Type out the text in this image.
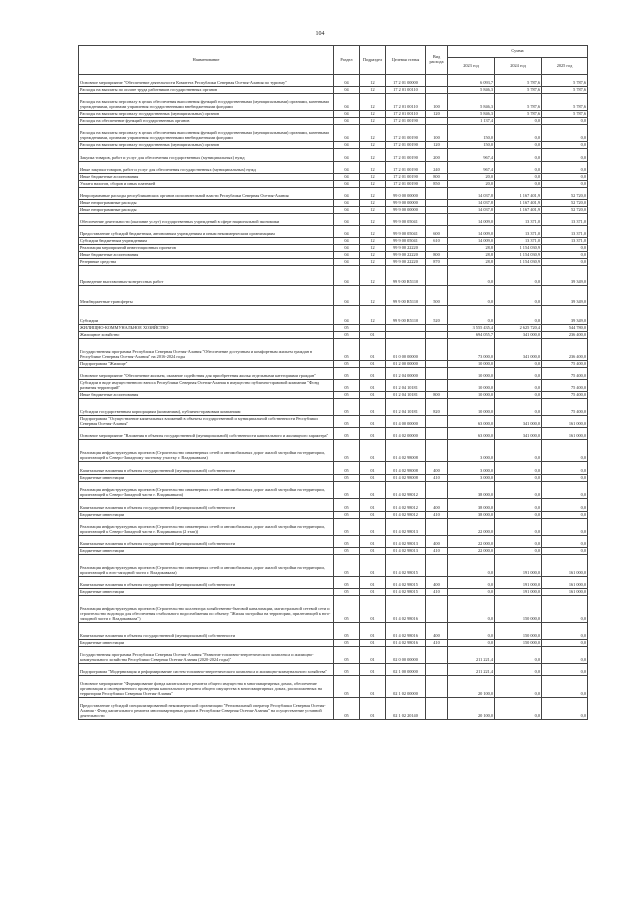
104
Наименование	Раздел	Подраздел	Целевая статья	Вид расхода	Сумма		
					2023 год	2024 год	2025 год
Основное мероприятие "Обеспечение деятельности Комитета Республики Северная Осетия-Алания по туризму"	04	12	17 2 01 00000		6 093,7	5 787,6	5 787,6
Расходы на выплаты по оплате труда работников государственных органов	04	12	17 2 01 00110		5 846,3	5 787,6	5 787,6
Расходы на выплаты персоналу в целях обеспечения выполнения функций государственными (муниципальными) органами, казенными учреждениями, органами управления государственными внебюджетными фондами	04	12	17 2 01 00110	100	5 846,3	5 787,6	5 787,6
Расходы на выплаты персоналу государственных (муниципальных) органов	04	12	17 2 01 00110	120	5 846,3	5 787,6	5 787,6
Расходы на обеспечение функций государственных органов	04	12	17 2 01 00190		1 137,4	0,0	0,0
Расходы на выплаты персоналу в целях обеспечения выполнения функций государственными (муниципальными) органами, казенными учреждениями, органами управления государственными внебюджетными фондами	04	12	17 2 01 00190	100	150,0	0,0	0,0
Расходы на выплаты персоналу государственных (муниципальных) органов	04	12	17 2 01 00190	120	150,0	0,0	0,0
Закупка товаров, работ и услуг для обеспечения государственных (муниципальных) нужд	04	12	17 2 01 00190	200	967,4	0,0	0,0
Иные закупки товаров, работ и услуг для обеспечения государственных (муниципальных) нужд	04	12	17 2 01 00190	240	967,4	0,0	0,0
Иные бюджетные ассигнования	04	12	17 2 01 00190	800	20,0	0,0	0,0
Уплата налогов, сборов и иных платежей	04	12	17 2 01 00190	850	20,0	0,0	0,0
Непрограммные расходы республиканских органов исполнительной власти Республики Северная Осетия-Алания	04	12	99 0 00 00000		14 037,8	1 167 401,9	52 720,0
Иные непрограммные расходы	04	12	99 9 00 00000		14 037,8	1 167 401,9	52 720,0
Иные непрограммные расходы	04	12	99 9 00 00000		14 037,8	1 167 401,9	52 720,0
Обеспечение деятельности (оказание услуг) государственных учреждений в сфере национальной экономики	04	12	99 9 00 05041		14 009,0	13 371,0	13 371,0
Предоставление субсидий бюджетным, автономным учреждениям и иным некоммерческим организациям	04	12	99 9 00 05041	600	14 009,0	13 371,0	13 371,0
Субсидии бюджетным учреждениям	04	12	99 9 00 05041	610	14 009,0	13 371,0	13 371,0
Реализация мероприятий инвестиционных проектов	04	12	99 9 00 22220		28,8	1 154 030,9	0,0
Иные бюджетные ассигнования	04	12	99 9 00 22220	800	28,8	1 154 030,9	0,0
Резервные средства	04	12	99 9 00 22220	870	28,8	1 154 030,9	0,0
Проведение выставочных-конгрессных работ	04	12	99 9 00 R5110		0,0	0,0	39 349,0
Межбюджетные трансферты	04	12	99 9 00 R5110	500	0,0	0,0	39 349,0
Субсидии	04	12	99 9 00 R5110	520	0,0	0,0	39 349,0
ЖИЛИЩНО-КОММУНАЛЬНОЕ ХОЗЯЙСТВО	05				3 555 435,4	2 625 720,4	544 780,0
Жилищное хозяйство	05	01			694 055,7	341 000,0	236 400,0
Государственная программа Республики Северная Осетия-Алания "Обеспечение доступным и комфортным жильем граждан в Республике Северная Осетия-Алания" на 2016-2024 годы	05	01	01 0 00 00000		73 000,0	341 000,0	236 400,0
Подпрограмма "Жилище"	05	01	01 2 00 00000		10 000,0	0,0	75 400,0
Основное мероприятие "Обеспечение жильем, оказание содействия для приобретения жилья отдельными категориями граждан"	05	01	01 2 04 00000		10 000,0	0,0	75 400,0
Субсидии в виде имущественного взноса Республики Северная Осетия-Алания в имущество публично-правовой компании "Фонд развития территорий"	05	01	01 2 04 10181		10 000,0	0,0	75 400,0
Иные бюджетные ассигнования	05	01	01 2 04 10181	800	10 000,0	0,0	75 400,0
Субсидии государственным корпорациям (компаниям), публично-правовым компаниям	05	01	01 2 04 10181	820	10 000,0	0,0	75 400,0
Подпрограмма "Осуществление капитальных вложений в объекты государственной и муниципальной собственности Республики Северная Осетия-Алания"	05	01	01 4 00 00000		63 000,0	341 000,0	161 000,0
Основное мероприятие "Вложения в объекты государственной (муниципальной) собственности капитального и жилищного характера"	05	01	01 4 02 00000		63 000,0	341 000,0	161 000,0
Реализация инфраструктурных проектов (Строительство инженерных сетей и автомобильных дорог жилой застройки на территории, прилегающей к Северо-Западному частному участку г. Владикавказа)	05	01	01 4 02 98008		3 000,0	0,0	0,0
Капитальные вложения в объекты государственной (муниципальной) собственности	05	01	01 4 02 98008	400	3 000,0	0,0	0,0
Бюджетные инвестиции	05	01	01 4 02 98008	410	3 000,0	0,0	0,0
Реализация инфраструктурных проектов (Строительство инженерных сетей и автомобильных дорог жилой застройки на территории, прилегающей к Северо-Западной части г. Владикавказа)	05	01	01 4 02 98012		38 000,0	0,0	0,0
Капитальные вложения в объекты государственной (муниципальной) собственности	05	01	01 4 02 98012	400	38 000,0	0,0	0,0
Бюджетные инвестиции	05	01	01 4 02 98012	410	38 000,0	0,0	0,0
Реализация инфраструктурных проектов (Строительство инженерных сетей и автомобильных дорог жилой застройки на территории, прилегающей к Северо-Западной части г. Владикавказа (2 этап))	05	01	01 4 02 98013		22 000,0	0,0	0,0
Капитальные вложения в объекты государственной (муниципальной) собственности	05	01	01 4 02 98013	400	22 000,0	0,0	0,0
Бюджетные инвестиции	05	01	01 4 02 98013	410	22 000,0	0,0	0,0
Реализация инфраструктурных проектов (Строительство инженерных сетей и автомобильных дорог жилой застройки на территории, прилегающей к юго-западной части г. Владикавказа)	05	01	01 4 02 98015		0,0	191 000,0	161 000,0
Капитальные вложения в объекты государственной (муниципальной) собственности	05	01	01 4 02 98015	400	0,0	191 000,0	161 000,0
Бюджетные инвестиции	05	01	01 4 02 98015	410	0,0	191 000,0	161 000,0
Реализация инфраструктурных проектов (Строительство коллектора хозяйственно-бытовой канализации, магистральной сетевой сети и строительство водовода для обеспечения стабильного водоснабжения по объекту "Жилая застройка на территории, прилегающей к юго-западной части г. Владикавказа")	05	01	01 4 02 98016		0,0	150 000,0	0,0
Капитальные вложения в объекты государственной (муниципальной) собственности	05	01	01 4 02 98016	400	0,0	150 000,0	0,0
Бюджетные инвестиции	05	01	01 4 02 98016	410	0,0	150 000,0	0,0
Государственная программа Республики Северная Осетия-Алания "Развитие топливно-энергетического комплекса и жилищно-коммунального хозяйства Республики Северная Осетия-Алания (2020-2024 годы)"	05	01	02 0 00 00000		211 221,4	0,0	0,0
Подпрограмма "Модернизация и реформирование систем топливно-энергетического комплекса и жилищно-коммунального хозяйства"	05	01	02 1 00 00000		211 221,4	0,0	0,0
Основное мероприятие "Формирование фонда капитального ремонта общего имущества в многоквартирных домах, обеспечение организации и своевременного проведения капитального ремонта общего имущества в многоквартирных домах, расположенных на территории Республики Северная Осетия-Алания"	05	01	02 1 02 00000		20 100,0	0,0	0,0
Предоставление субсидий специализированной некоммерческой организации "Региональный оператор Республики Северная Осетия-Алания - Фонд капитального ремонта многоквартирных домов в Республике Северная Осетия-Алания" на осуществление уставной деятельности	05	01	02 1 02 20140		20 100,0	0,0	0,0
